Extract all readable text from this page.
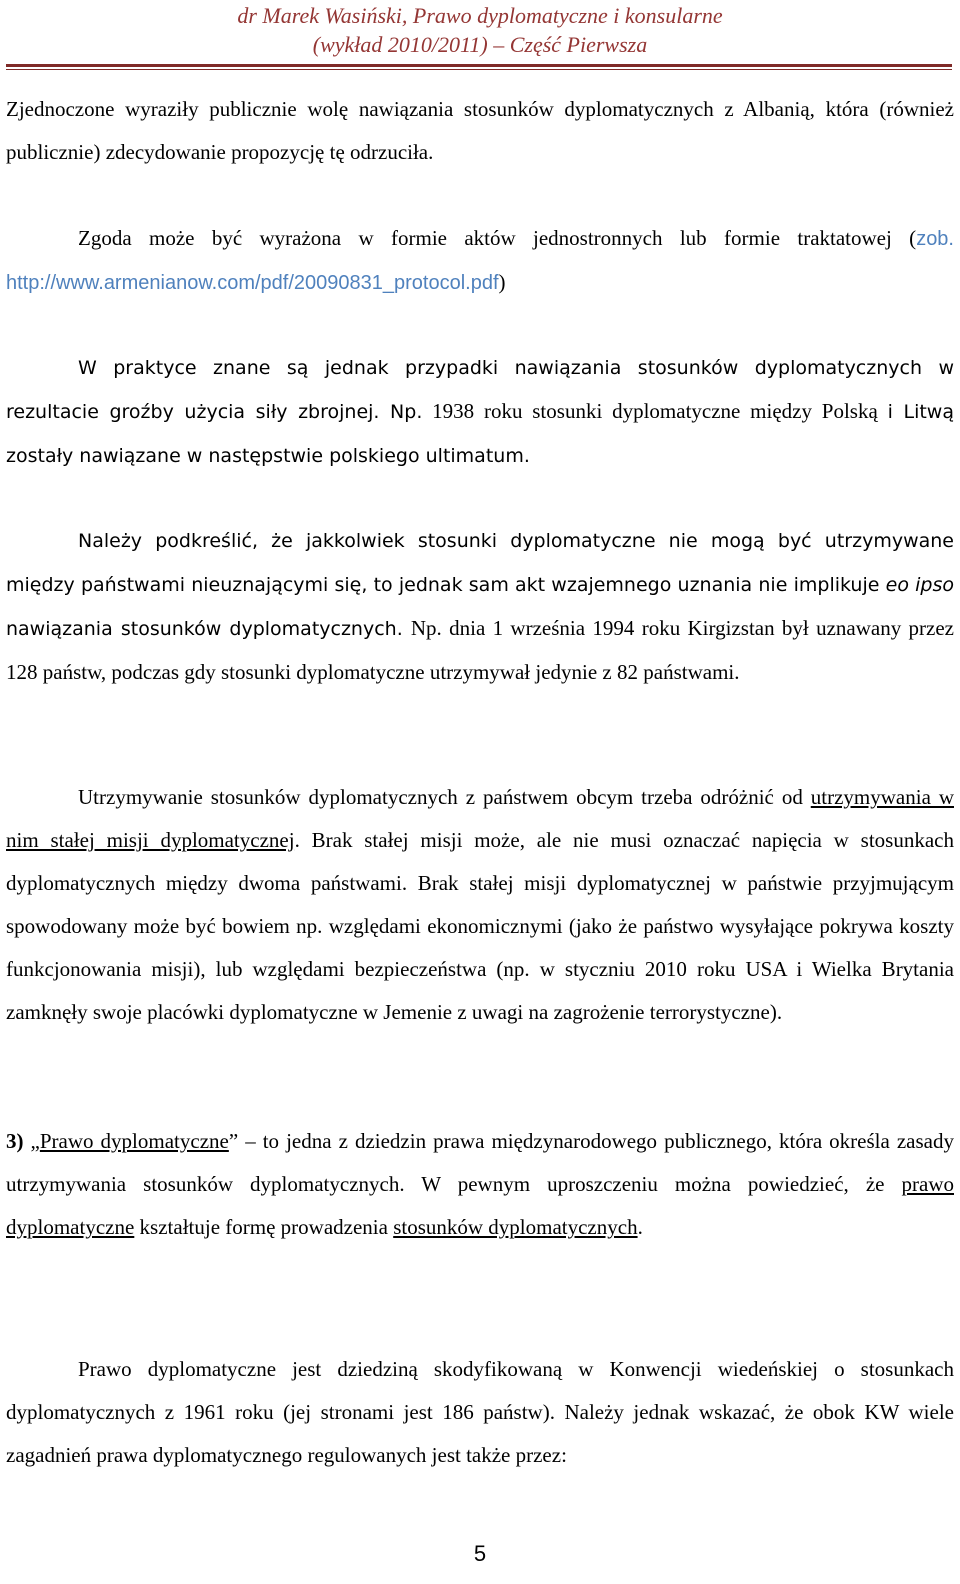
dr Marek Wasiński, Prawo dyplomatyczne i konsularne
(wykład 2010/2011) – Część Pierwsza

Zjednoczone wyraziły publicznie wolę nawiązania stosunków dyplomatycznych z Albanią, która (również publicznie) zdecydowanie propozycję tę odrzuciła.

Zgoda może być wyrażona w formie aktów jednostronnych lub formie traktatowej (zob. http://www.armenianow.com/pdf/20090831_protocol.pdf)

W praktyce znane są jednak przypadki nawiązania stosunków dyplomatycznych w rezultacie groźby użycia siły zbrojnej. Np. 1938 roku stosunki dyplomatyczne między Polską i Litwą zostały nawiązane w następstwie polskiego ultimatum.

Należy podkreślić, że jakkolwiek stosunki dyplomatyczne nie mogą być utrzymywane między państwami nieuznającymi się, to jednak sam akt wzajemnego uznania nie implikuje eo ipso nawiązania stosunków dyplomatycznych. Np. dnia 1 września 1994 roku Kirgizstan był uznawany przez 128 państw, podczas gdy stosunki dyplomatyczne utrzymywał jedynie z 82 państwami.

Utrzymywanie stosunków dyplomatycznych z państwem obcym trzeba odróżnić od utrzymywania w nim stałej misji dyplomatycznej. Brak stałej misji może, ale nie musi oznaczać napięcia w stosunkach dyplomatycznych między dwoma państwami. Brak stałej misji dyplomatycznej w państwie przyjmującym spowodowany może być bowiem np. względami ekonomicznymi (jako że państwo wysyłające pokrywa koszty funkcjonowania misji), lub względami bezpieczeństwa (np. w styczniu 2010 roku USA i Wielka Brytania zamknęły swoje placówki dyplomatyczne w Jemenie z uwagi na zagrożenie terrorystyczne).

3) „Prawo dyplomatyczne” – to jedna z dziedzin prawa międzynarodowego publicznego, która określa zasady utrzymywania stosunków dyplomatycznych. W pewnym uproszczeniu można powiedzieć, że prawo dyplomatyczne kształtuje formę prowadzenia stosunków dyplomatycznych.

Prawo dyplomatyczne jest dziedziną skodyfikowaną w Konwencji wiedeńskiej o stosunkach dyplomatycznych z 1961 roku (jej stronami jest 186 państw). Należy jednak wskazać, że obok KW wiele zagadnień prawa dyplomatycznego regulowanych jest także przez:

5
